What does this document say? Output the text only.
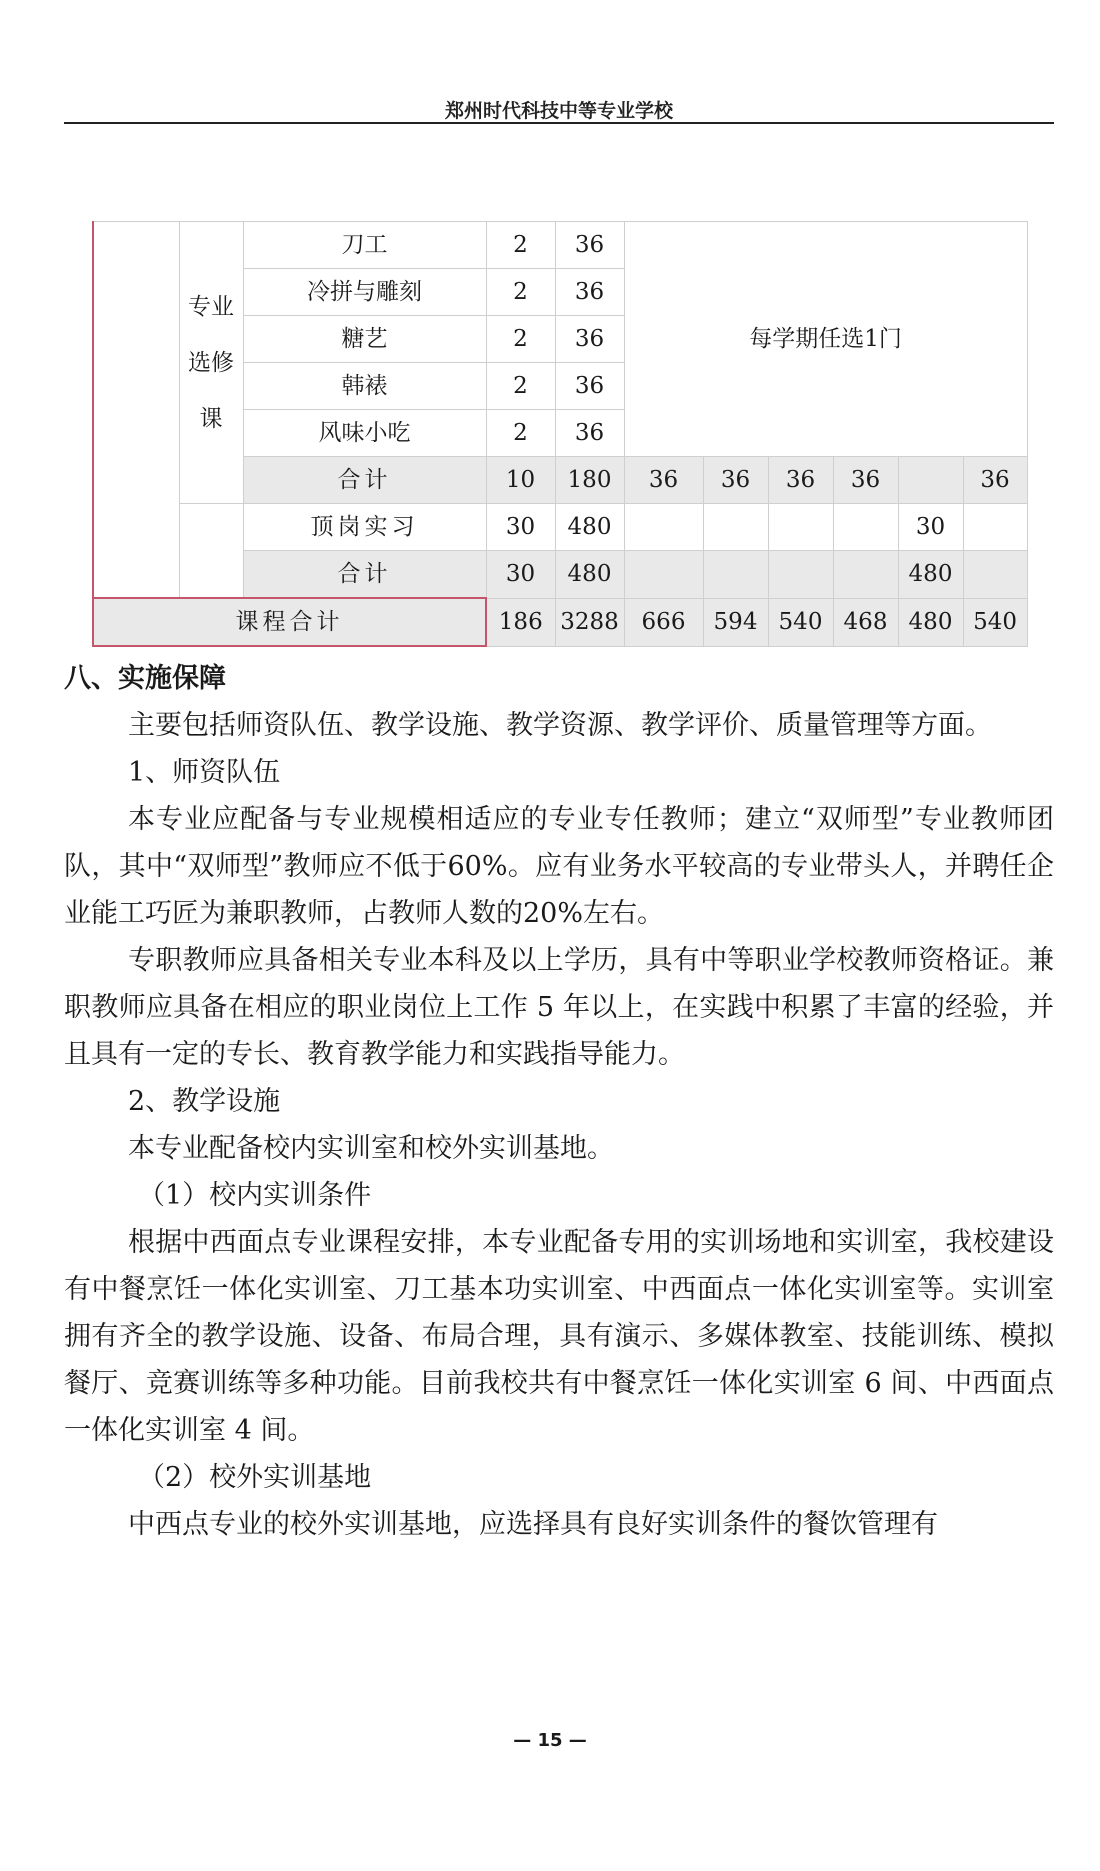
郑州时代科技中等专业学校
	专业选修课	刀工	2	36	每学期任选1门					
		冷拼与雕刻	2	36						
		糖艺	2	36						
		韩裱	2	36						
		风味小吃	2	36						
		合计	10	180	36	36	36	36		36
		顶岗实习	30	480					30	
		合计	30	480					480	
课程合计			186	3288	666	594	540	468	480	540
八、实施保障

主要包括师资队伍、教学设施、教学资源、教学评价、质量管理等方面。

1、师资队伍

本专业应配备与专业规模相适应的专业专任教师；建立“双师型”专业教师团队，其中“双师型”教师应不低于60%。应有业务水平较高的专业带头人，并聘任企业能工巧匠为兼职教师，占教师人数的20%左右。

专职教师应具备相关专业本科及以上学历，具有中等职业学校教师资格证。兼职教师应具备在相应的职业岗位上工作 5 年以上，在实践中积累了丰富的经验，并且具有一定的专长、教育教学能力和实践指导能力。

2、教学设施

本专业配备校内实训室和校外实训基地。

（1）校内实训条件

根据中西面点专业课程安排，本专业配备专用的实训场地和实训室，我校建设有中餐烹饪一体化实训室、刀工基本功实训室、中西面点一体化实训室等。实训室拥有齐全的教学设施、设备、布局合理，具有演示、多媒体教室、技能训练、模拟餐厅、竞赛训练等多种功能。目前我校共有中餐烹饪一体化实训室 6 间、中西面点一体化实训室 4 间。

（2）校外实训基地

中西点专业的校外实训基地，应选择具有良好实训条件的餐饮管理有

— 15 —
